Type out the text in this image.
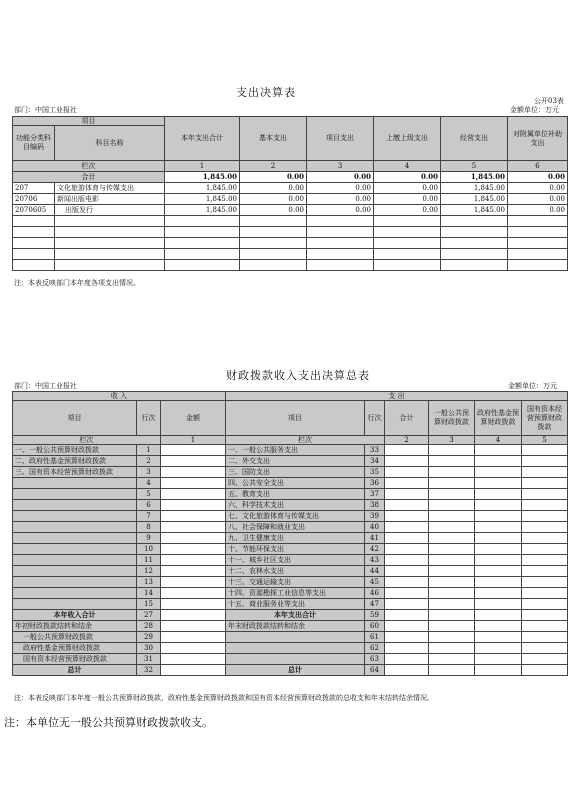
支出决算表
公开03表
部门：中国工业报社	金额单位：万元
项目		本年支出合计	基本支出	项目支出	上缴上级支出	经营支出	对附属单位补助支出
功能分类科目编码	科目名称						
栏次		1	2	3	4	5	6
合计		1,845.00	0.00	0.00	0.00	1,845.00	0.00
207	文化旅游体育与传媒支出	1,845.00	0.00	0.00	0.00	1,845.00	0.00
20706	新闻出版电影	1,845.00	0.00	0.00	0.00	1,845.00	0.00
2070605	出版发行	1,845.00	0.00	0.00	0.00	1,845.00	0.00

注：本表反映部门本年度各项支出情况。
财政拨款收入支出决算总表
部门：中国工业报社	金额单位：万元
收 入			支 出					
项目	行次	金额	项目	行次	合计	一般公共预算财政拨款	政府性基金预算财政拨款	国有资本经营预算财政拨款
栏次		1	栏次		2	3	4	5
一、一般公共预算财政拨款	1		一、一般公共服务支出	33				
二、政府性基金预算财政拨款	2		二、外交支出	34				
三、国有资本经营预算财政拨款	3		三、国防支出	35				
	4		四、公共安全支出	36				
	5		五、教育支出	37				
	6		六、科学技术支出	38				
	7		七、文化旅游体育与传媒支出	39				
	8		八、社会保障和就业支出	40				
	9		九、卫生健康支出	41				
	10		十、节能环保支出	42				
	11		十一、城乡社区支出	43				
	12		十二、农林水支出	44				
	13		十三、交通运输支出	45				
	14		十四、资源勘探工业信息等支出	46				
	15		十五、商业服务业等支出	47				
本年收入合计	27		本年支出合计	59				
年初财政拨款结转和结余	28		年末财政拨款结转和结余	60				
一般公共预算财政拨款	29			61				
政府性基金预算财政拨款	30			62				
国有资本经营预算财政拨款	31			63				
总计	32		总计	64				
注：本表反映部门本年度一般公共预算财政拨款、政府性基金预算财政拨款和国有资本经营预算财政拨款的总收支和年末结转结余情况。
注：本单位无一般公共预算财政拨款收支。
